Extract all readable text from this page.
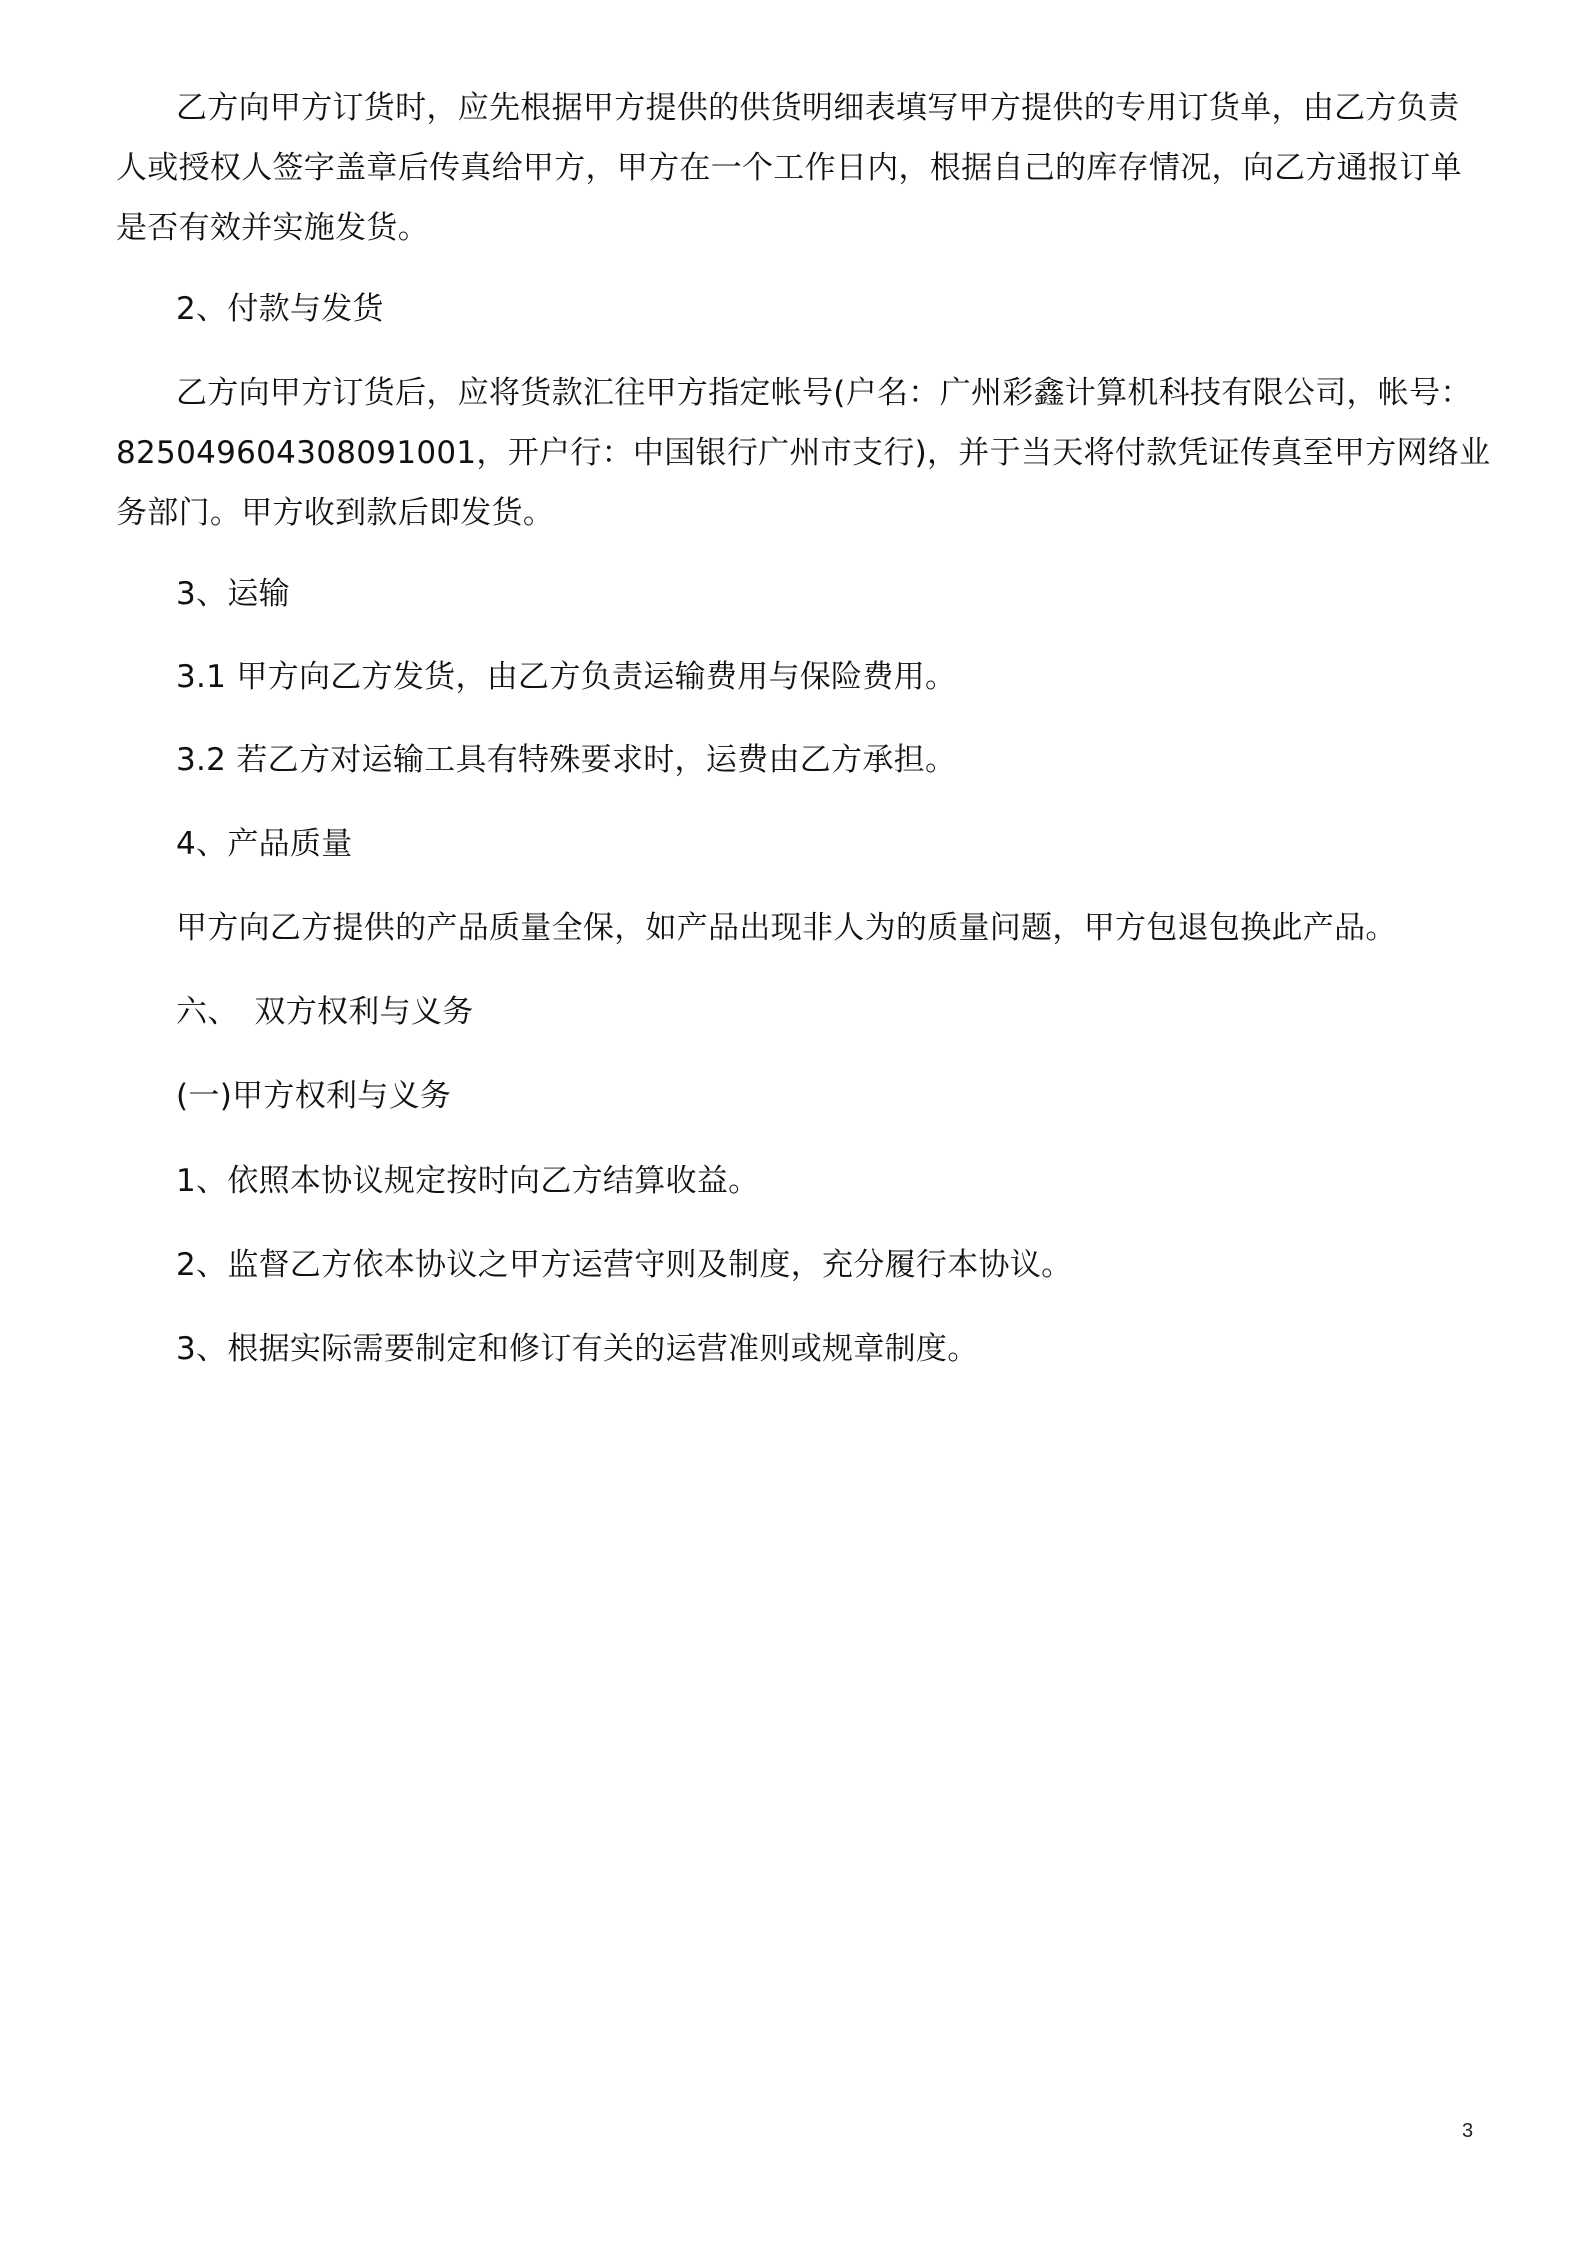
乙方向甲方订货时，应先根据甲方提供的供货明细表填写甲方提供的专用订货单，由乙方负责
人或授权人签字盖章后传真给甲方，甲方在一个工作日内，根据自己的库存情况，向乙方通报订单
是否有效并实施发货。
2、付款与发货
乙方向甲方订货后，应将货款汇往甲方指定帐号(户名：广州彩鑫计算机科技有限公司，帐号：
825049604308091001，开户行：中国银行广州市支行)，并于当天将付款凭证传真至甲方网络业
务部门。甲方收到款后即发货。
3、运输
3.1 甲方向乙方发货，由乙方负责运输费用与保险费用。
3.2 若乙方对运输工具有特殊要求时，运费由乙方承担。
4、产品质量
甲方向乙方提供的产品质量全保，如产品出现非人为的质量问题，甲方包退包换此产品。
六、　双方权利与义务
(一)甲方权利与义务
1、依照本协议规定按时向乙方结算收益。
2、监督乙方依本协议之甲方运营守则及制度，充分履行本协议。
3、根据实际需要制定和修订有关的运营准则或规章制度。
3
